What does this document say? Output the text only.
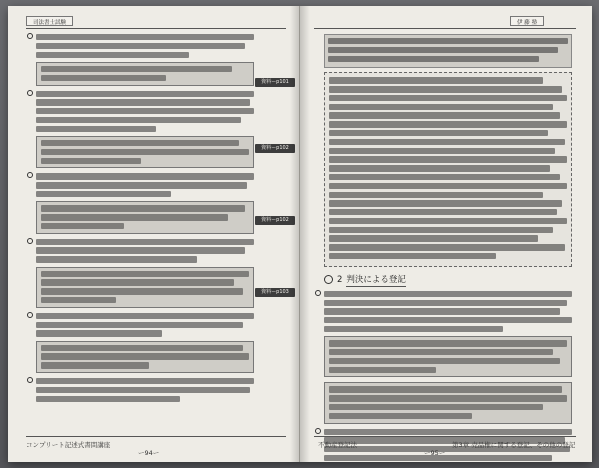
司法書士試験
資料ーp101
資料ーp102
資料ーp102
資料ーp103
コンプリート記述式書問講座
ー94ー
伊 藤 塾
2 判決による登記
不動産登記法	第3章 売品権に関する登記、その他の登記
ー95ー
